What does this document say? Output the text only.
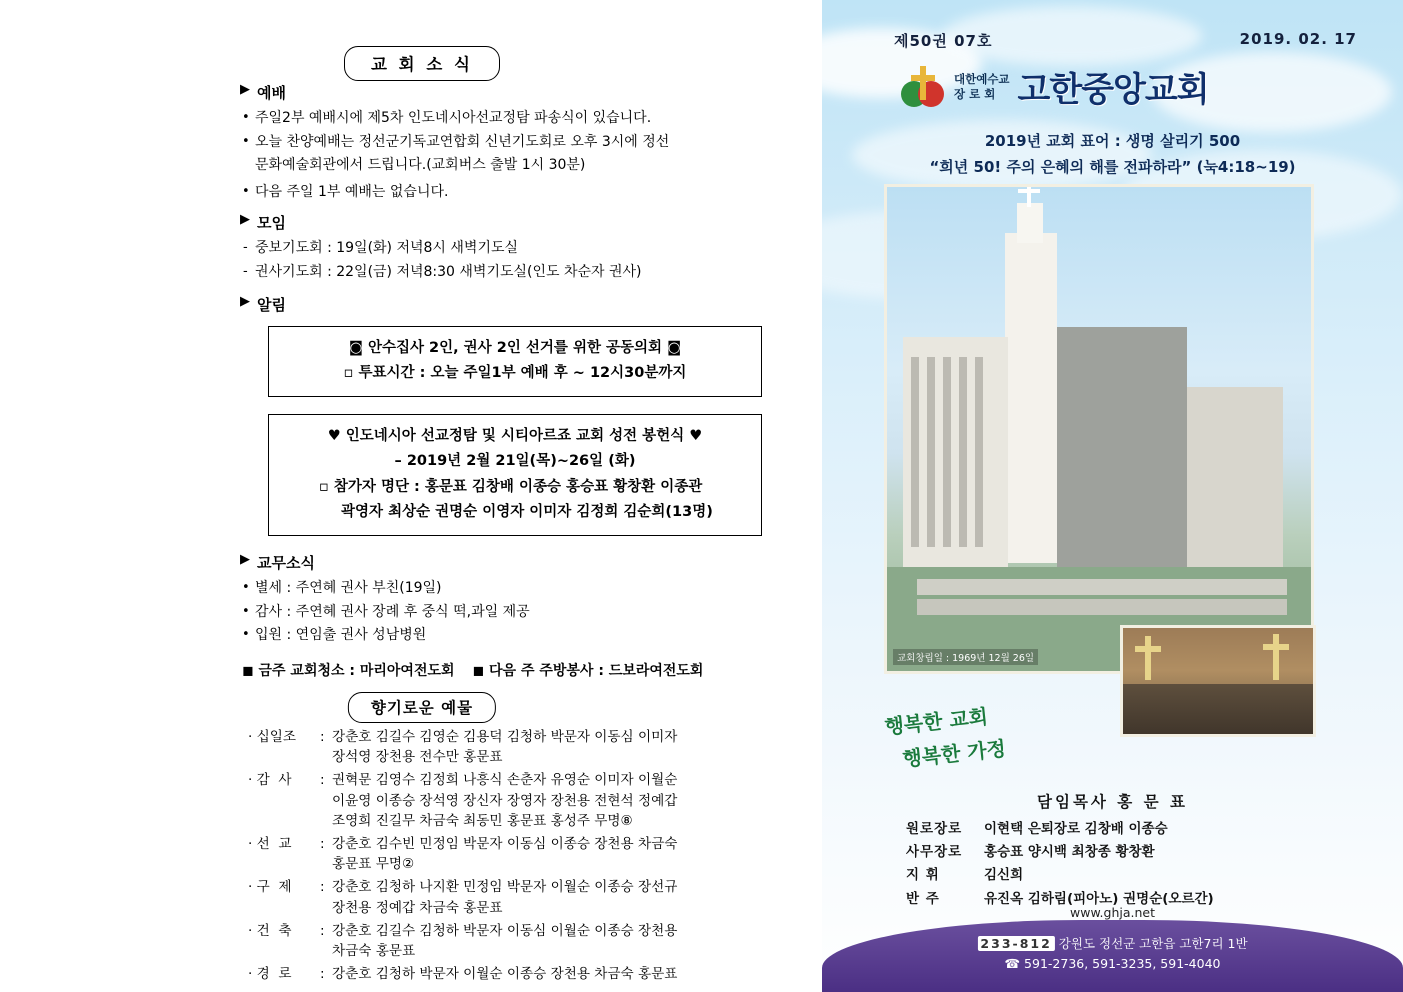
교 회 소 식
▶ 예배
• 주일2부 예배시에 제5차 인도네시아선교정탐 파송식이 있습니다.
• 오늘 찬양예배는 정선군기독교연합회 신년기도회로 오후 3시에 정선
문화예술회관에서 드립니다.(교회버스 출발 1시 30분)
• 다음 주일 1부 예배는 없습니다.
▶ 모임
- 중보기도회 : 19일(화) 저녁8시 새벽기도실
- 권사기도회 : 22일(금) 저녁8:30 새벽기도실(인도 차순자 권사)
▶ 알림
◙ 안수집사 2인, 권사 2인 선거를 위한 공동의회 ◙
▫ 투표시간 : 오늘 주일1부 예배 후 ~ 12시30분까지
♥ 인도네시아 선교정탐 및 시티아르죠 교회 성전 봉헌식 ♥
– 2019년 2월 21일(목)~26일 (화)
▫ 참가자 명단 : 홍문표 김창배 이종승 홍승표 황창환 이종관
곽영자 최상순 권명순 이영자 이미자 김정희 김순희(13명)
▶ 교무소식
• 별세 : 주연혜 권사 부친(19일)
• 감사 : 주연혜 권사 장례 후 중식 떡,과일 제공
• 입원 : 연임출 권사 성남병원
◼ 금주 교회청소 : 마리아여전도회 ◼ 다음 주 주방봉사 : 드보라여전도회
향기로운 예물
· 십일조	: 강춘호 김길수 김영순 김용덕 김청하 박문자 이동심 이미자
장석영 장천용 전수만 홍문표
· 감  사	: 권혁문 김영수 김정희 나흥식 손춘자 유영순 이미자 이월순
이윤영 이종승 장석영 장신자 장영자 장천용 전현석 정예갑
조영희 진길무 차금숙 최동민 홍문표 홍성주 무명⑧
· 선  교	: 강춘호 김수빈 민정임 박문자 이동심 이종승 장천용 차금숙
홍문표 무명②
· 구  제	: 강춘호 김청하 나지환 민정임 박문자 이월순 이종승 장선규
장천용 정예갑 차금숙 홍문표
· 건  축	: 강춘호 김길수 김청하 박문자 이동심 이월순 이종승 장천용
차금숙 홍문표
· 경  로	: 강춘호 김청하 박문자 이월순 이종승 장천용 차금숙 홍문표
제50권 07호	2019. 02. 17
대한예수교
장 로 회 고한중앙교회
2019년 교회 표어 : 생명 살리기 500
“희년 50! 주의 은혜의 해를 전파하라” (눅4:18~19)
교회창립일 : 1969년 12월 26일
행복한 교회
행복한 가정
담임목사 홍 문 표
원로장로	이현택 은퇴장로 김창배 이종승
사무장로	홍승표 양시백 최창종 황창환
지 휘	김신희
반 주	유진옥 김하림(피아노) 권명순(오르간)
www.ghja.net
233-812 강원도 정선군 고한읍 고한7리 1반
☎ 591-2736, 591-3235, 591-4040
